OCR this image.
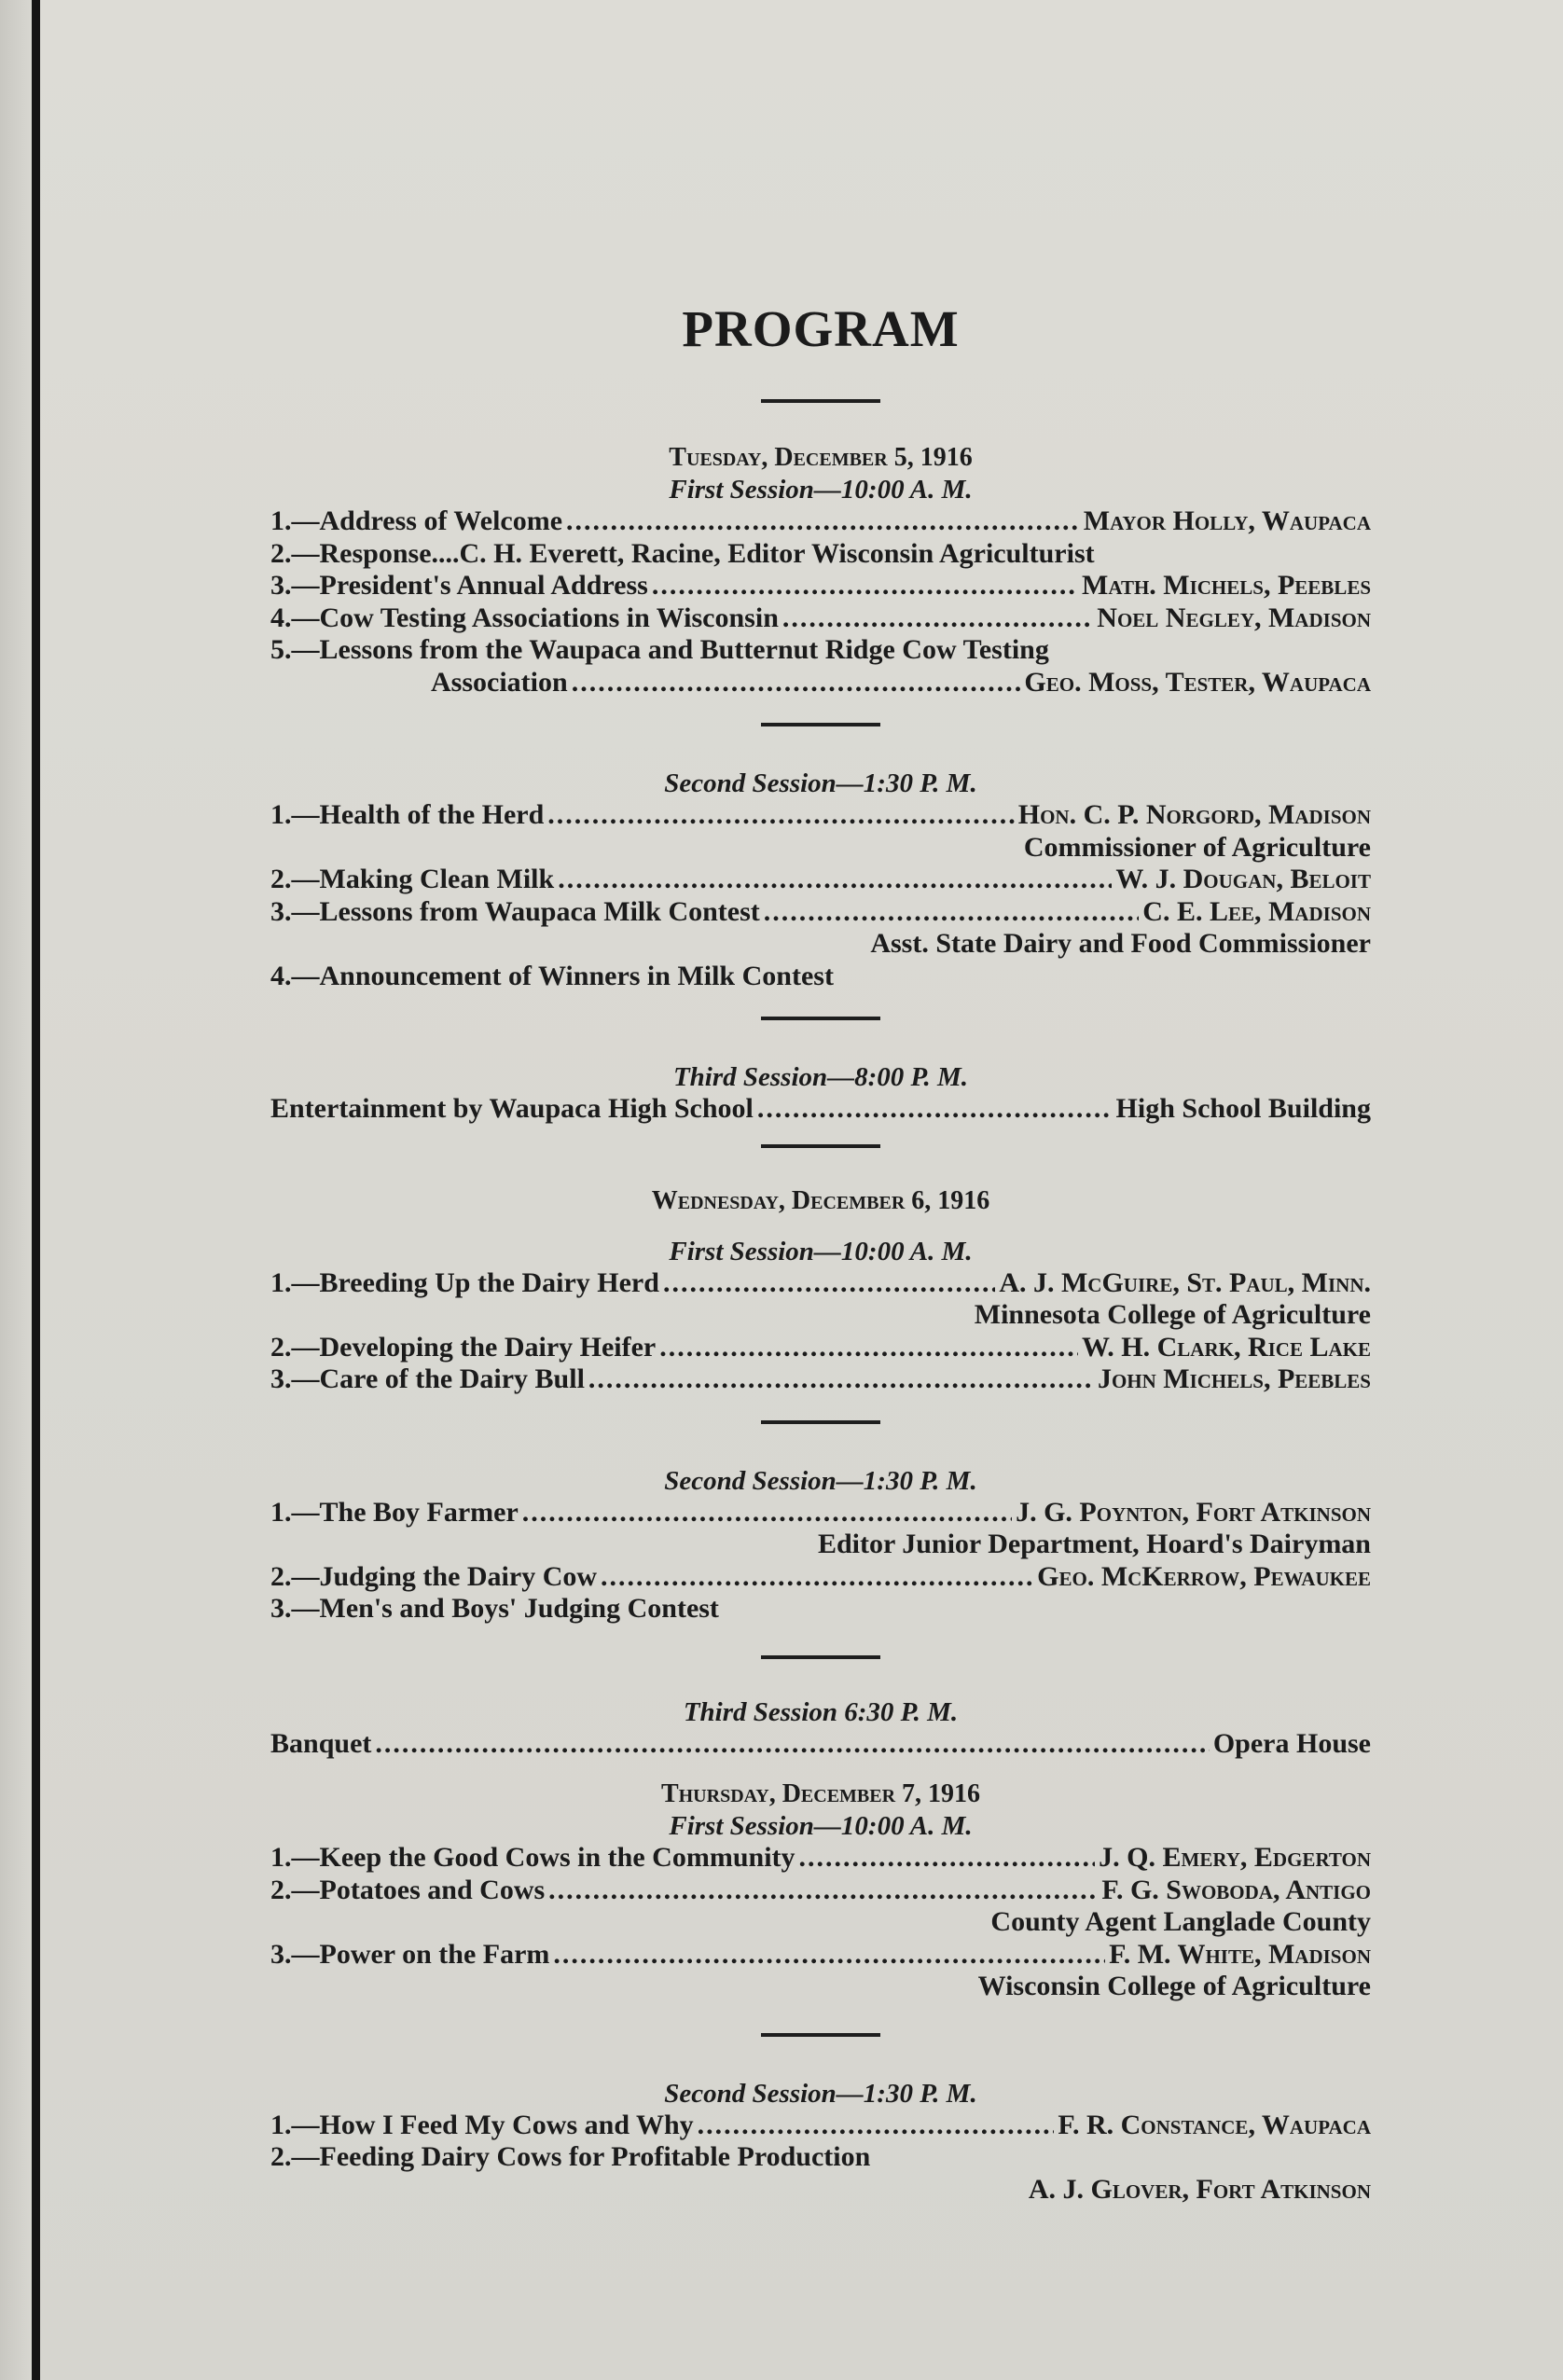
PROGRAM
Tuesday, December 5, 1916
First Session—10:00 A. M.
1.— Address of Welcome .....	Mayor Holly, Waupaca
2.— Response....C. H. Everett, Racine, Editor Wisconsin Agriculturist
3.— President's Annual Address .....	Math. Michels, Peebles
4.— Cow Testing Associations in Wisconsin .....	Noel Negley, Madison
5.— Lessons from the Waupaca and Butternut Ridge Cow Testing
Association .....	Geo. Moss, Tester, Waupaca
Second Session—1:30 P. M.
1.— Health of the Herd .....	Hon. C. P. Norgord, Madison
Commissioner of Agriculture
2.— Making Clean Milk .....	W. J. Dougan, Beloit
3.— Lessons from Waupaca Milk Contest .....	C. E. Lee, Madison
Asst. State Dairy and Food Commissioner
4.— Announcement of Winners in Milk Contest
Third Session—8:00 P. M.
Entertainment by Waupaca High School .....	High School Building
Wednesday, December 6, 1916
First Session—10:00 A. M.
1.— Breeding Up the Dairy Herd .....	A. J. McGuire, St. Paul, Minn.
Minnesota College of Agriculture
2.— Developing the Dairy Heifer .....	W. H. Clark, Rice Lake
3.— Care of the Dairy Bull .....	John Michels, Peebles
Second Session—1:30 P. M.
1.— The Boy Farmer .....	J. G. Poynton, Fort Atkinson
Editor Junior Department, Hoard's Dairyman
2.— Judging the Dairy Cow .....	Geo. McKerrow, Pewaukee
3.— Men's and Boys' Judging Contest
Third Session 6:30 P. M.
Banquet .....	Opera House
Thursday, December 7, 1916
First Session—10:00 A. M.
1.— Keep the Good Cows in the Community .....	J. Q. Emery, Edgerton
2.— Potatoes and Cows .....	F. G. Swoboda, Antigo
County Agent Langlade County
3.— Power on the Farm .....	F. M. White, Madison
Wisconsin College of Agriculture
Second Session—1:30 P. M.
1.— How I Feed My Cows and Why .....	F. R. Constance, Waupaca
2.— Feeding Dairy Cows for Profitable Production
A. J. Glover, Fort Atkinson
